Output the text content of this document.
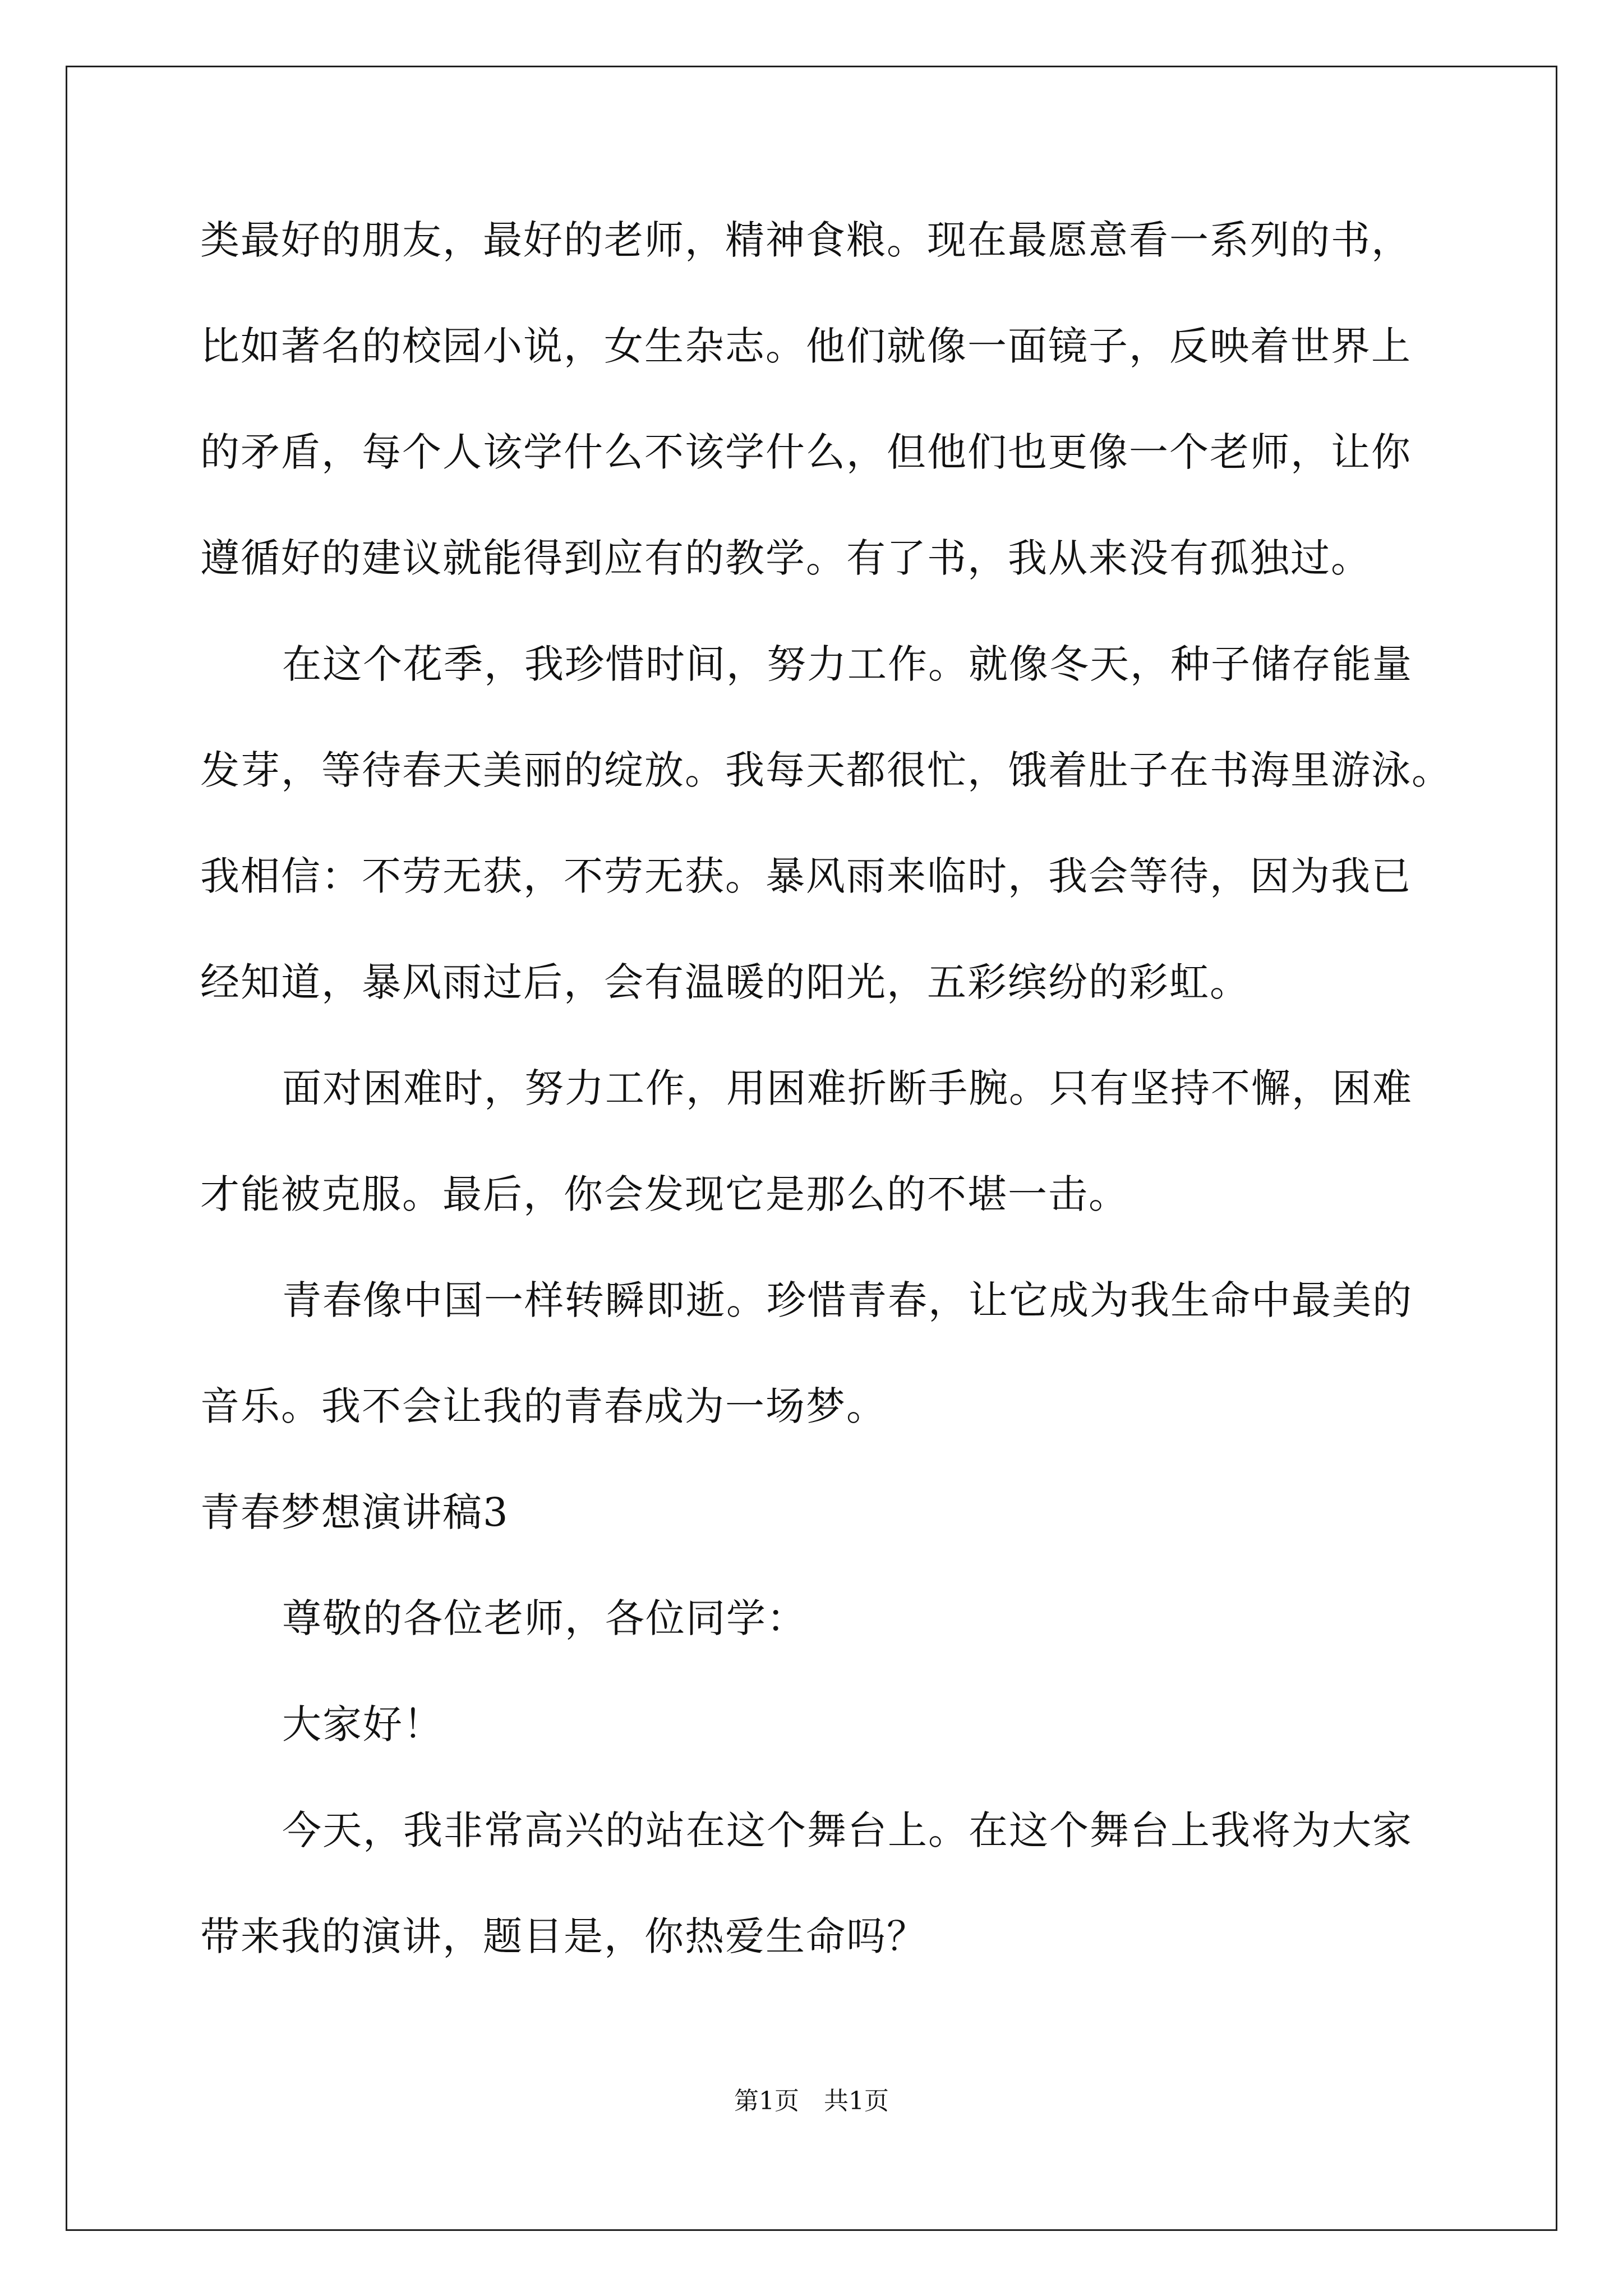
类最好的朋友，最好的老师，精神食粮。现在最愿意看一系列的书，
比如著名的校园小说，女生杂志。他们就像一面镜子，反映着世界上
的矛盾，每个人该学什么不该学什么，但他们也更像一个老师，让你
遵循好的建议就能得到应有的教学。有了书，我从来没有孤独过。
在这个花季，我珍惜时间，努力工作。就像冬天，种子储存能量
发芽，等待春天美丽的绽放。我每天都很忙，饿着肚子在书海里游泳。
我相信：不劳无获，不劳无获。暴风雨来临时，我会等待，因为我已
经知道，暴风雨过后，会有温暖的阳光，五彩缤纷的彩虹。
面对困难时，努力工作，用困难折断手腕。只有坚持不懈，困难
才能被克服。最后，你会发现它是那么的不堪一击。
青春像中国一样转瞬即逝。珍惜青春，让它成为我生命中最美的
音乐。我不会让我的青春成为一场梦。
青春梦想演讲稿3
尊敬的各位老师，各位同学：
大家好！
今天，我非常高兴的站在这个舞台上。在这个舞台上我将为大家
带来我的演讲，题目是，你热爱生命吗？
第1页　共1页
